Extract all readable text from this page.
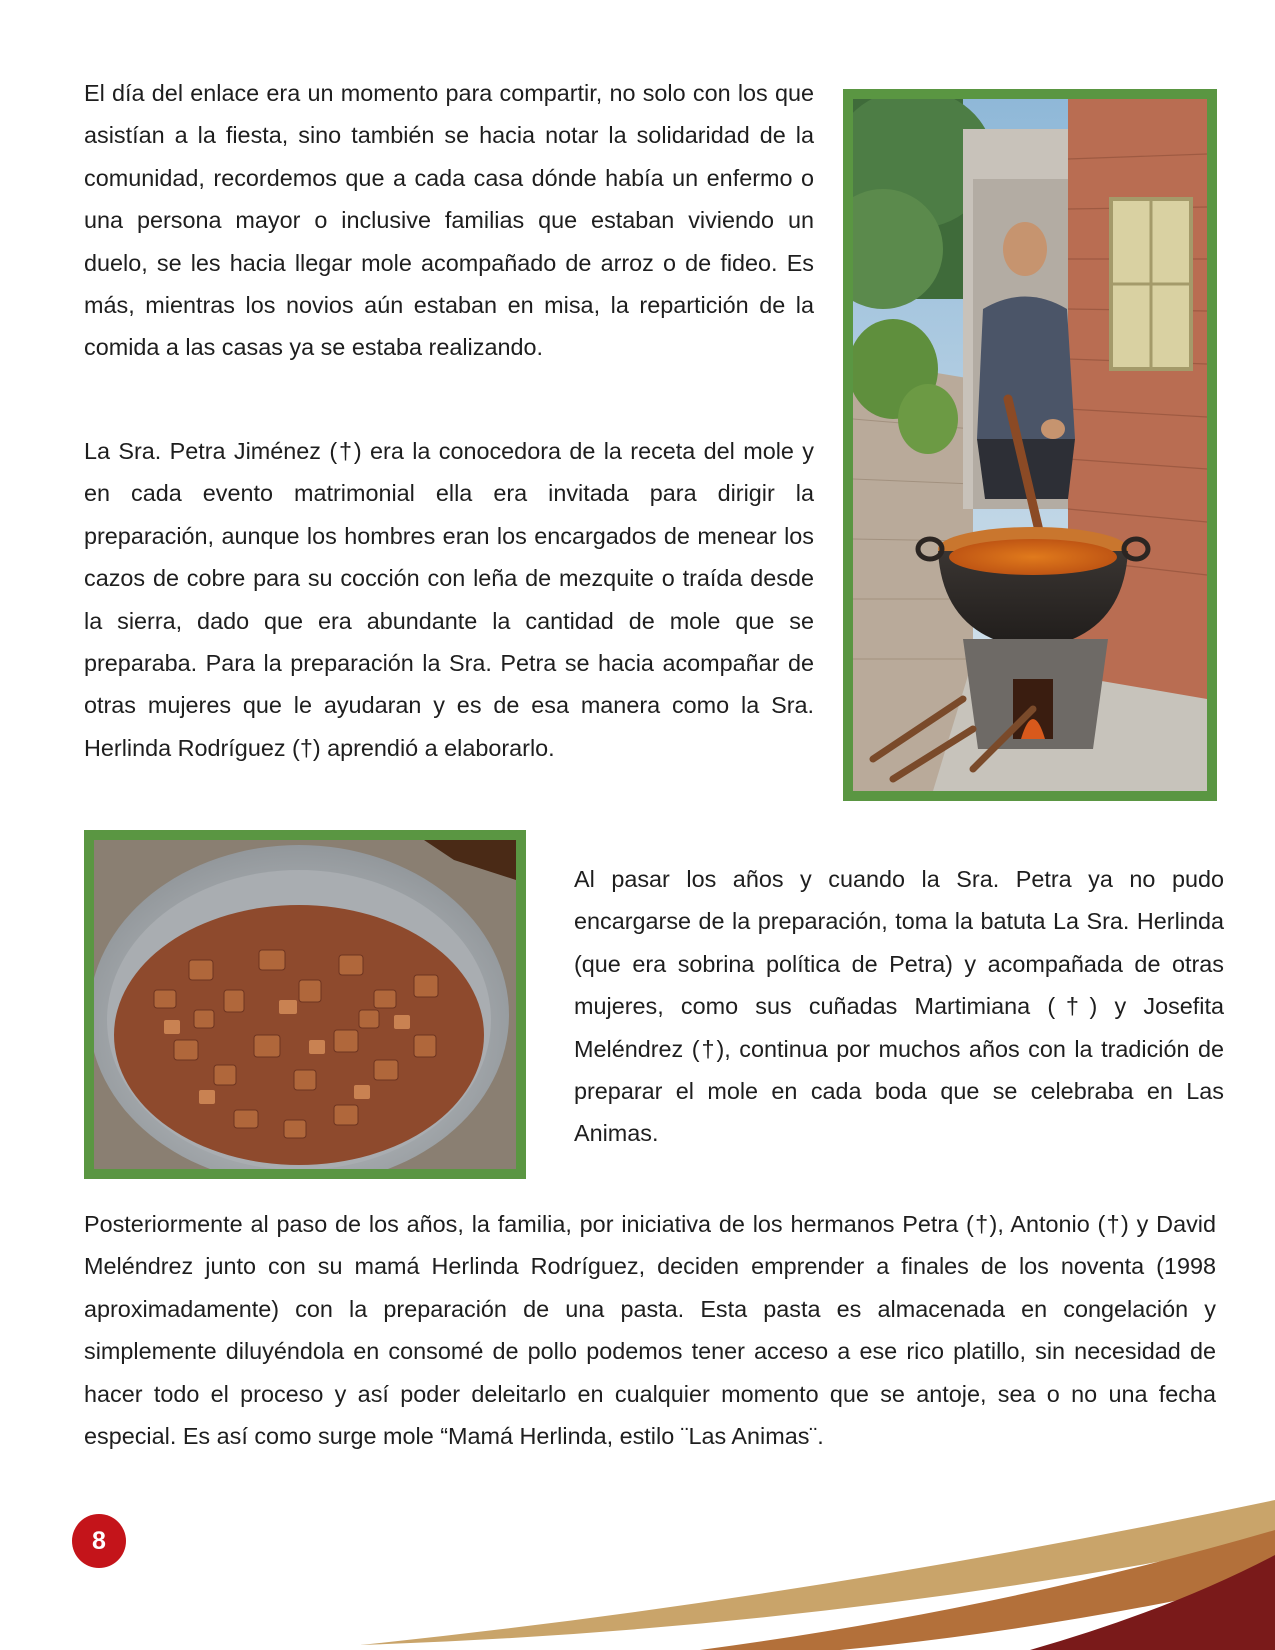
El día del enlace era un momento para compartir, no solo con los que asistían a la fiesta, sino también se hacia notar la solidaridad de la comunidad, recordemos que a cada casa dónde había un enfermo o una persona mayor o inclusive familias que estaban viviendo un duelo, se les hacia llegar mole acompañado de arroz o de fideo. Es más, mientras los novios aún estaban en misa, la repartición de la comida a las casas ya se estaba realizando.

La Sra. Petra Jiménez (†) era la conocedora de la receta del mole y en cada evento matrimonial ella era invitada para dirigir la preparación, aunque los hombres eran los encargados de menear los cazos de cobre para su cocción con leña de mezquite o traída desde la sierra, dado que era abundante la cantidad de mole que se preparaba. Para la preparación la Sra. Petra se hacia acompañar de otras mujeres que le ayudaran y es de esa manera como la Sra. Herlinda Rodríguez (†) aprendió a elaborarlo.

Al pasar los años y cuando la Sra. Petra ya no pudo encargarse de la preparación, toma la batuta La Sra. Herlinda (que era sobrina política de Petra) y acompañada de otras mujeres, como sus cuñadas Martimiana (†) y Josefita Meléndrez (†), continua por muchos años con la tradición de preparar el mole en cada boda que se celebraba en Las Animas.

Posteriormente al paso de los años, la familia, por iniciativa de los hermanos Petra (†), Antonio (†) y David Meléndrez junto con su mamá Herlinda Rodríguez, deciden emprender a finales de los noventa (1998 aproximadamente) con la preparación de una pasta. Esta pasta es almacenada en congelación y simplemente diluyéndola en consomé de pollo podemos tener acceso a ese rico platillo, sin necesidad de hacer todo el proceso y así poder deleitarlo en cualquier momento que se antoje, sea o no una fecha especial. Es así como surge mole “Mamá Herlinda, estilo ¨Las Animas¨.

8
